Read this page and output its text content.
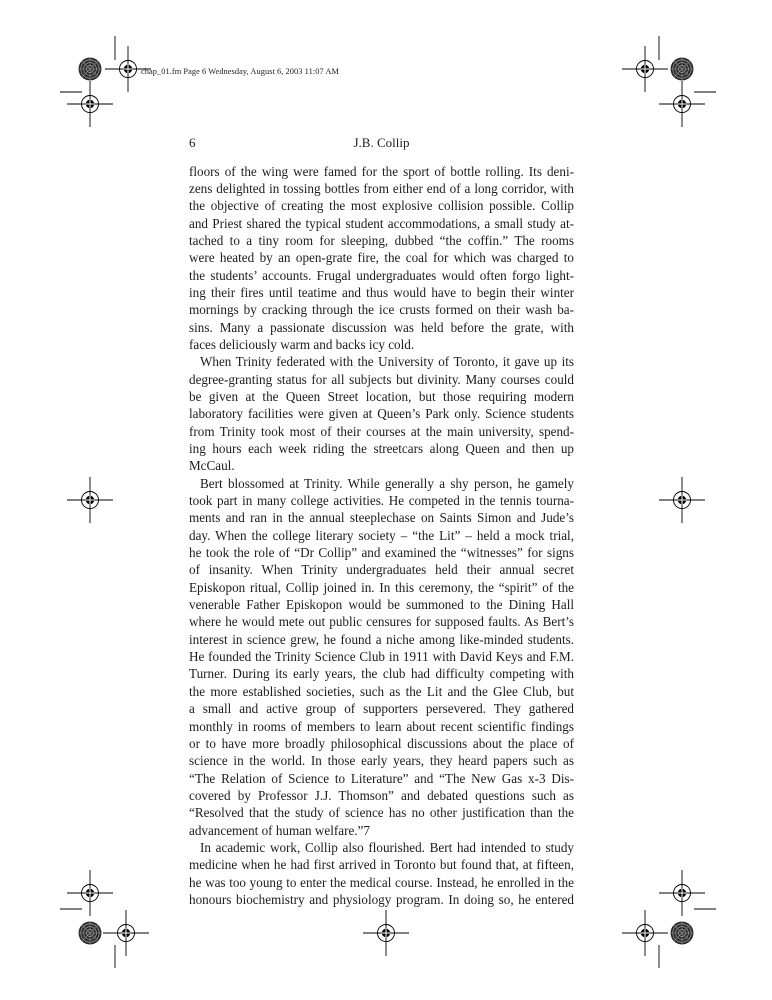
chap_01.fm Page 6 Wednesday, August 6, 2003 11:07 AM
6	J.B. Collip
floors of the wing were famed for the sport of bottle rolling. Its deni-
zens delighted in tossing bottles from either end of a long corridor, with
the objective of creating the most explosive collision possible. Collip
and Priest shared the typical student accommodations, a small study at-
tached to a tiny room for sleeping, dubbed “the coffin.” The rooms
were heated by an open-grate fire, the coal for which was charged to
the students’ accounts. Frugal undergraduates would often forgo light-
ing their fires until teatime and thus would have to begin their winter
mornings by cracking through the ice crusts formed on their wash ba-
sins. Many a passionate discussion was held before the grate, with
faces deliciously warm and backs icy cold.
When Trinity federated with the University of Toronto, it gave up its
degree-granting status for all subjects but divinity. Many courses could
be given at the Queen Street location, but those requiring modern
laboratory facilities were given at Queen’s Park only. Science students
from Trinity took most of their courses at the main university, spend-
ing hours each week riding the streetcars along Queen and then up
McCaul.
Bert blossomed at Trinity. While generally a shy person, he gamely
took part in many college activities. He competed in the tennis tourna-
ments and ran in the annual steeplechase on Saints Simon and Jude’s
day. When the college literary society – “the Lit” – held a mock trial,
he took the role of “Dr Collip” and examined the “witnesses” for signs
of insanity. When Trinity undergraduates held their annual secret
Episkopon ritual, Collip joined in. In this ceremony, the “spirit” of the
venerable Father Episkopon would be summoned to the Dining Hall
where he would mete out public censures for supposed faults. As Bert’s
interest in science grew, he found a niche among like-minded students.
He founded the Trinity Science Club in 1911 with David Keys and F.M.
Turner. During its early years, the club had difficulty competing with
the more established societies, such as the Lit and the Glee Club, but
a small and active group of supporters persevered. They gathered
monthly in rooms of members to learn about recent scientific findings
or to have more broadly philosophical discussions about the place of
science in the world. In those early years, they heard papers such as
“The Relation of Science to Literature” and “The New Gas x-3 Dis-
covered by Professor J.J. Thomson” and debated questions such as
“Resolved that the study of science has no other justification than the
advancement of human welfare.”7
In academic work, Collip also flourished. Bert had intended to study
medicine when he had first arrived in Toronto but found that, at fifteen,
he was too young to enter the medical course. Instead, he enrolled in the
honours biochemistry and physiology program. In doing so, he entered
